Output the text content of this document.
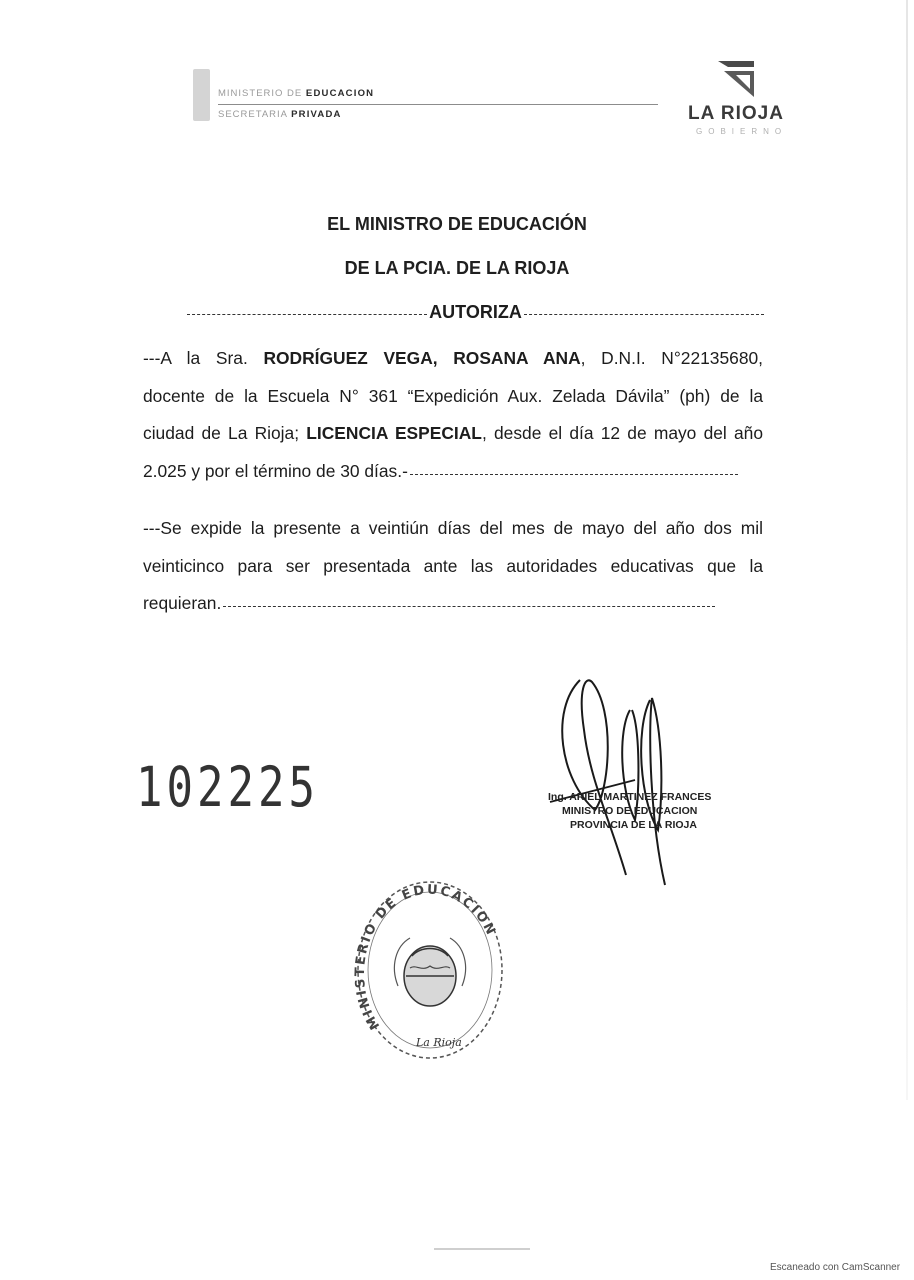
MINISTERIO DE EDUCACION
SECRETARIA PRIVADA	LA RIOJA
GOBIERNO
EL MINISTRO DE EDUCACIÓN
DE LA PCIA. DE LA RIOJA
AUTORIZA
---A la Sra. RODRÍGUEZ VEGA, ROSANA ANA, D.N.I. N°22135680,
docente de la Escuela N° 361 “Expedición Aux. Zelada Dávila” (ph) de la
ciudad de La Rioja; LICENCIA ESPECIAL, desde el día 12 de mayo del año
2.025 y por el término de 30 días.-
---Se expide la presente a veintiún días del mes de mayo del año dos mil
veinticinco para ser presentada ante las autoridades educativas que la
requieran.
102225	Ing. ARIEL MARTINEZ FRANCES
MINISTRO DE EDUCACION
PROVINCIA DE LA RIOJA
MINISTERIO DE EDUCACION
La Rioja
Escaneado con CamScanner
